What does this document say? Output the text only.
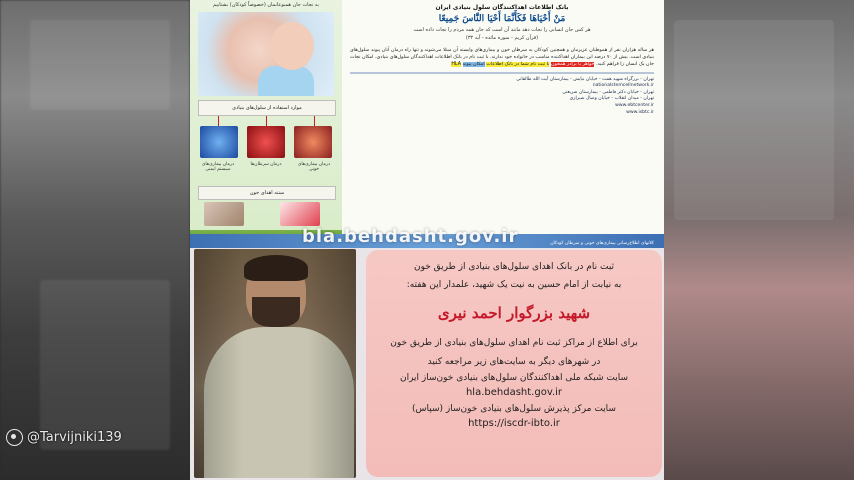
@Tarvijniki139
به نجات جان همنوعانمان (خصوصاً کودکان) بشتابیم
موارد استفاده از سلول‌های بنیادی
درمان بیماری‌های سیستم ایمنی
درمان سرطان‌ها	درمان بیماری‌های خونی
ستنه اهدای خون
بانک اطلاعات اهداکنندگان سلول بنیادی ایران
مَنْ أَحْيَاهَا فَكَأَنَّمَا أَحْيَا النَّاسَ جَمِيعًا
هر کس جان انسانی را نجات دهد مانند آن است که جان همه مردم را نجات داده است
(قرآن کریم - سوره مائده - آیه ۳۲)
هر ساله هزاران نفر از هموطنان عزیزمان و همچنین کودکان به سرطان خون و بیماری‌های وابسته آن مبتلا می‌شوند و تنها راه درمان آنان پیوند سلول‌های بنیادی است. بیش از ۷۰ درصد این بیماران اهداکننده مناسب در خانواده خود ندارند. با ثبت نام در بانک اطلاعات اهداکنندگان سلول‌های بنیادی، امکان نجات جان یک انسان را فراهم کنید. خواهر یا برادر همخون با ثبت نام شما در بانک اطلاعات امکان پیوند HLA
تهران - بزرگراه شهید همت - خیابان نیایش - بیمارستان آیت الله طالقانی
nationalstemcellnetwork.ir
تهران - خیابان دکتر فاطمی - بیمارستان شریعتی
تهران - میدان انقلاب - خیابان وصال شیرازی
www.ebtcenter.ir
www.isbtc.ir
کلانهای اطلاع‌رسانی بیماری‌های خونی و سرطان کودکان
bla.behdasht.gov.ir
ثبت نام در بانک اهدای سلول‌های بنیادی از طریق خون
به نیابت از امام حسین به نیت یک شهید، علمدار این هفته:
شهید بزرگوار احمد نیری
برای اطلاع از مراکز ثبت نام اهدای سلول‌های بنیادی از طریق خون
در شهرهای دیگر به سایت‌های زیر مراجعه کنید
سایت شبکه ملی اهداکنندگان سلول‌های بنیادی خون‌ساز ایران
hla.behdasht.gov.ir
سایت مرکز پذیرش سلول‌های بنیادی خون‌ساز (سپاس)
https://iscdr-ibto.ir
